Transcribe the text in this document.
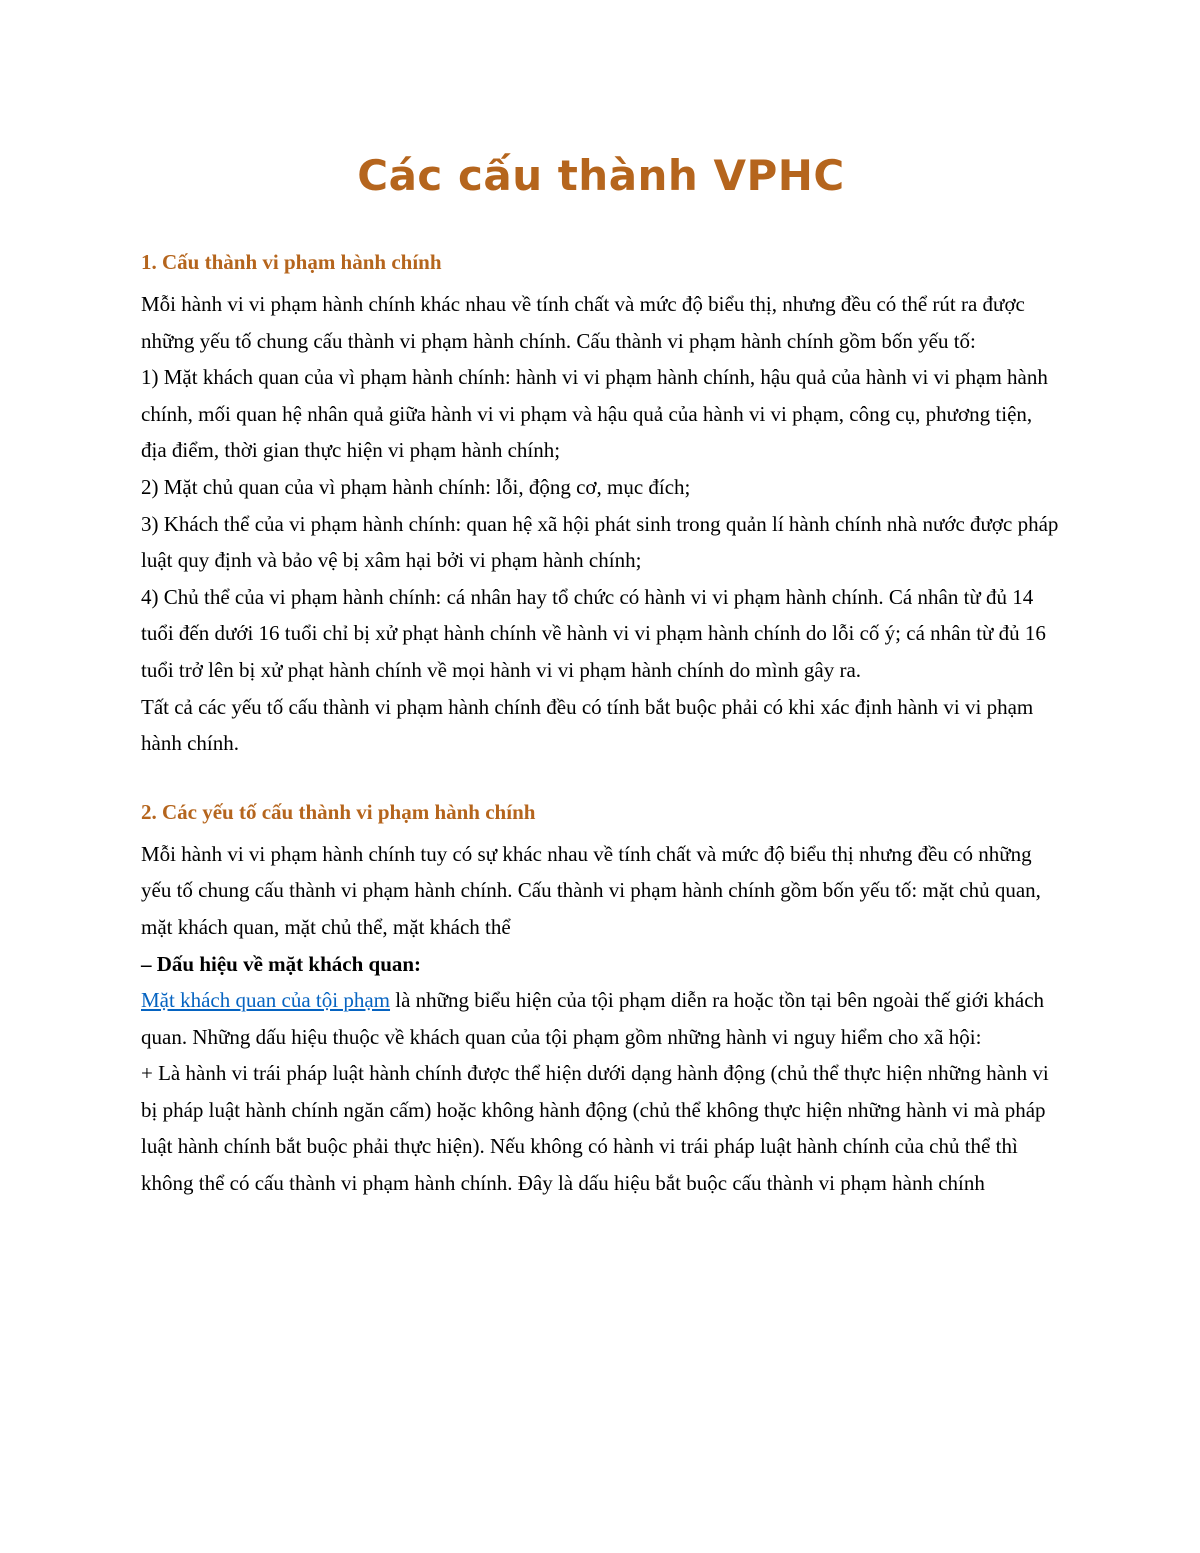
Các cấu thành VPHC
1. Cấu thành vi phạm hành chính

Mỗi hành vi vi phạm hành chính khác nhau về tính chất và mức độ biểu thị, nhưng đều có thể rút ra được những yếu tố chung cấu thành vi phạm hành chính. Cấu thành vi phạm hành chính gồm bốn yếu tố:

1) Mặt khách quan của vì phạm hành chính: hành vi vi phạm hành chính, hậu quả của hành vi vi phạm hành chính, mối quan hệ nhân quả giữa hành vi vi phạm và hậu quả của hành vi vi phạm, công cụ, phương tiện, địa điểm, thời gian thực hiện vi phạm hành chính;

2) Mặt chủ quan của vì phạm hành chính: lỗi, động cơ, mục đích;

3) Khách thể của vi phạm hành chính: quan hệ xã hội phát sinh trong quản lí hành chính nhà nước được pháp luật quy định và bảo vệ bị xâm hại bởi vi phạm hành chính;

4) Chủ thể của vi phạm hành chính: cá nhân hay tổ chức có hành vi vi phạm hành chính. Cá nhân từ đủ 14 tuổi đến dưới 16 tuổi chỉ bị xử phạt hành chính về hành vi vi phạm hành chính do lỗi cố ý; cá nhân từ đủ 16 tuổi trở lên bị xử phạt hành chính về mọi hành vi vi phạm hành chính do mình gây ra.

Tất cả các yếu tố cấu thành vi phạm hành chính đều có tính bắt buộc phải có khi xác định hành vi vi phạm hành chính.

2. Các yếu tố cấu thành vi phạm hành chính

Mỗi hành vi vi phạm hành chính tuy có sự khác nhau về tính chất và mức độ biểu thị nhưng đều có những yếu tố chung cấu thành vi phạm hành chính. Cấu thành vi phạm hành chính gồm bốn yếu tố: mặt chủ quan, mặt khách quan, mặt chủ thể, mặt khách thể

– Dấu hiệu về mặt khách quan:

Mặt khách quan của tội phạm là những biểu hiện của tội phạm diễn ra hoặc tồn tại bên ngoài thế giới khách quan. Những dấu hiệu thuộc về khách quan của tội phạm gồm những hành vi nguy hiểm cho xã hội:

+ Là hành vi trái pháp luật hành chính được thể hiện dưới dạng hành động (chủ thể thực hiện những hành vi bị pháp luật hành chính ngăn cấm) hoặc không hành động (chủ thể không thực hiện những hành vi mà pháp luật hành chính bắt buộc phải thực hiện). Nếu không có hành vi trái pháp luật hành chính của chủ thể thì không thể có cấu thành vi phạm hành chính. Đây là dấu hiệu bắt buộc cấu thành vi phạm hành chính
